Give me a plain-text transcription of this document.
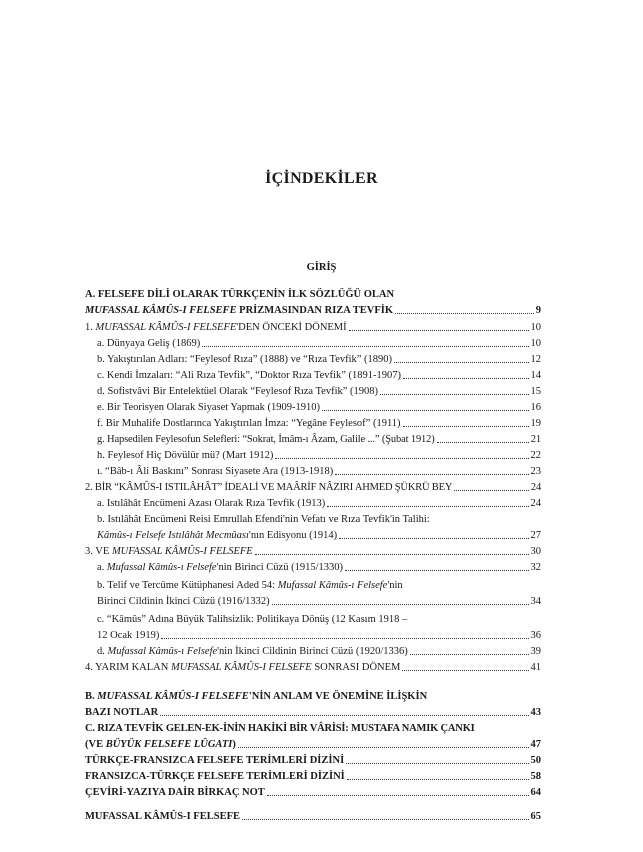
İÇİNDEKİLER
GİRİŞ
A. FELSEFE DİLİ OLARAK TÜRKÇENİN İLK SÖZLÜĞÜ OLAN
MUFASSAL KÂMÛS-I FELSEFE PRİZMASINDAN RIZA TEVFİK	9
1. MUFASSAL KÂMÛS-I FELSEFE'DEN ÖNCEKİ DÖNEMİ	10
a. Dünyaya Geliş (1869)	10
b. Yakıştırılan Adları: “Feylesof Rıza” (1888) ve “Rıza Tevfik” (1890)	12
c. Kendi İmzaları: “Ali Rıza Tevfik”, “Doktor Rıza Tevfik” (1891-1907)	14
d. Sofistvâvi Bir Entelektüel Olarak “Feylesof Rıza Tevfik” (1908)	15
e. Bir Teorisyen Olarak Siyaset Yapmak (1909-1910)	16
f. Bir Muhalife Dostlarınca Yakıştırılan İmza: “Yegâne Feylesof” (1911)	19
g. Hapsedilen Feylesofun Selefleri: “Sokrat, İmâm-ı Âzam, Galile ...” (Şubat 1912)	21
h. Feylesof Hiç Dövülür mü? (Mart 1912)	22
ı. “Bâb-ı Âli Baskını” Sonrası Siyasete Ara (1913-1918)	23
2. BİR “KÂMÛS-I ISTILÂHÂT” İDEALİ VE MAÂRİF NÂZIRI AHMED ŞÜKRÜ BEY	24
a. Istılâhât Encümeni Azası Olarak Rıza Tevfik (1913)	24
b. Istılâhât Encümeni Reisi Emrullah Efendi'nin Vefatı ve Rıza Tevfik'in Talihi:
Kâmûs-ı Felsefe Istılâhât Mecmûası'nın Edisyonu (1914)	27
3. VE MUFASSAL KÂMÛS-I FELSEFE	30
a. Mufassal Kâmûs-ı Felsefe'nin Birinci Cüzü (1915/1330)	32
b. Telif ve Tercüme Kütüphanesi Aded 54: Mufassal Kâmûs-ı Felsefe'nin
Birinci Cildinin İkinci Cüzü (1916/1332)	34
c. “Kâmûs” Adına Büyük Talihsizlik: Politikaya Dönüş (12 Kasım 1918 –
12 Ocak 1919)	36
d. Mufassal Kâmûs-ı Felsefe'nin İkinci Cildinin Birinci Cüzü (1920/1336)	39
4. YARIM KALAN MUFASSAL KÂMÛS-I FELSEFE SONRASI DÖNEM	41
B. MUFASSAL KÂMÛS-I FELSEFE'NİN ANLAM VE ÖNEMİNE İLİŞKİN
BAZI NOTLAR	43
C. RIZA TEVFİK GELEN-EK-İNİN HAKİKİ BİR VÂRİSİ: MUSTAFA NAMIK ÇANKI
(VE BÜYÜK FELSEFE LÛGATI)	47
TÜRKÇE-FRANSIZCA FELSEFE TERİMLERİ DİZİNİ	50
FRANSIZCA-TÜRKÇE FELSEFE TERİMLERİ DİZİNİ	58
ÇEVİRİ-YAZIYA DAİR BİRKAÇ NOT	64
MUFASSAL KÂMÛS-I FELSEFE	65
